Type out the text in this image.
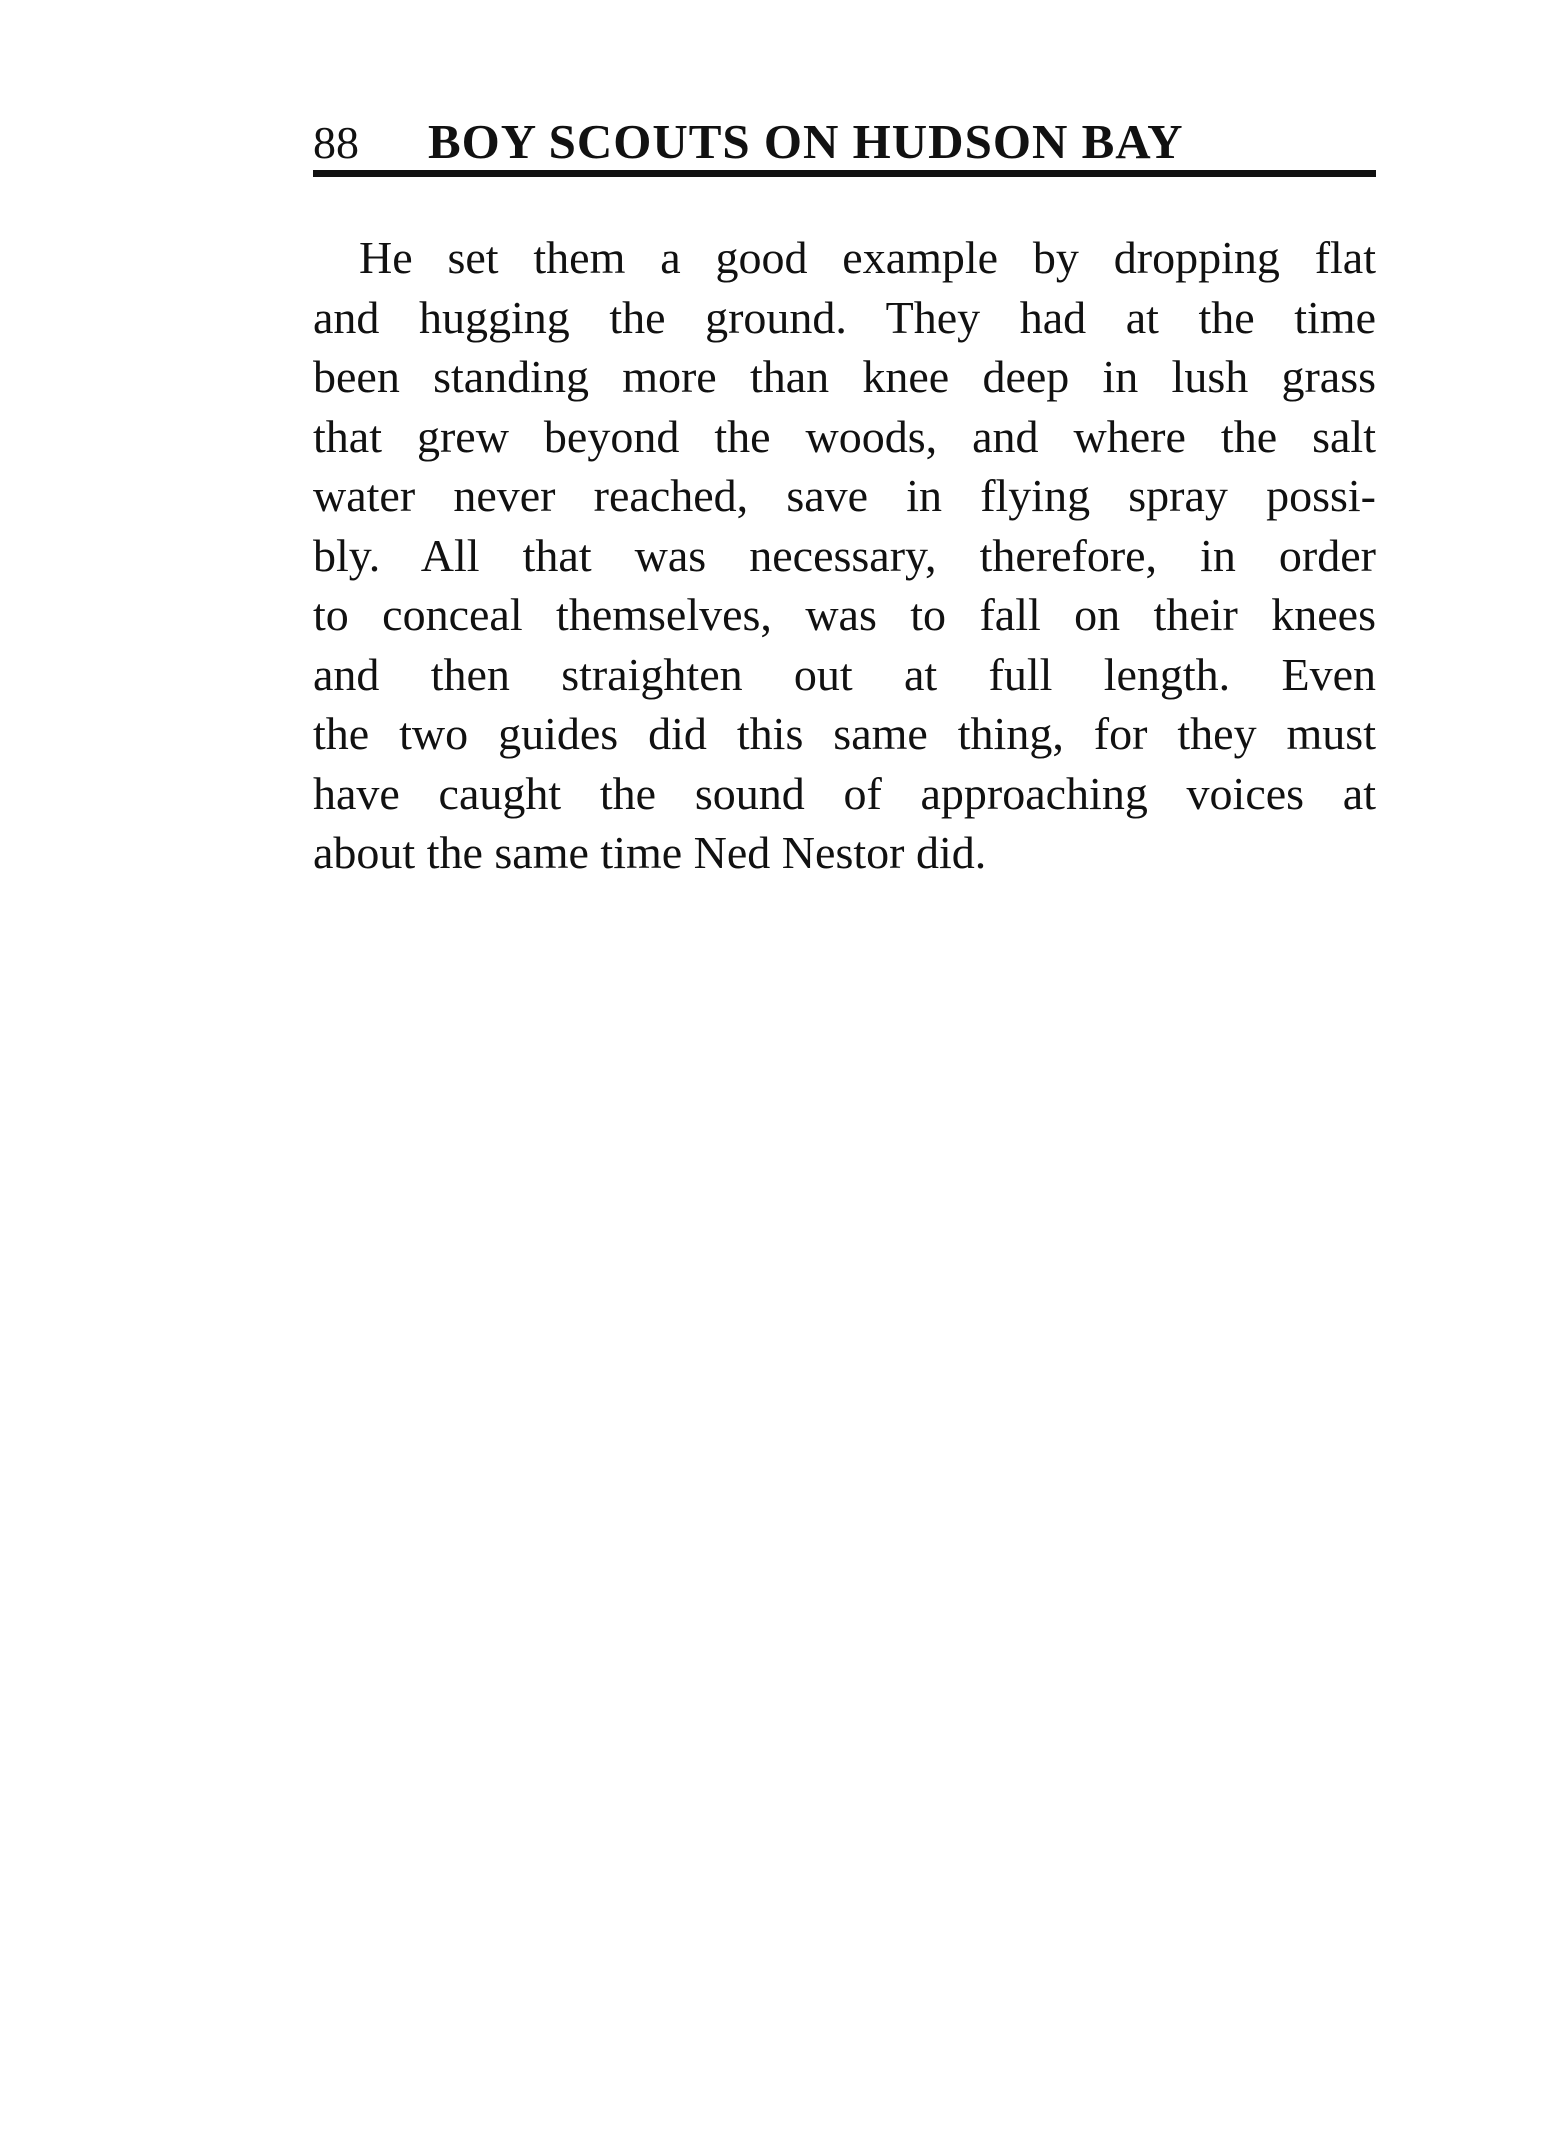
88 BOY SCOUTS ON HUDSON BAY
He set them a good example by dropping flat
and hugging the ground. They had at the time
been standing more than knee deep in lush grass
that grew beyond the woods, and where the salt
water never reached, save in flying spray possi-
bly. All that was necessary, therefore, in order
to conceal themselves, was to fall on their knees
and then straighten out at full length. Even
the two guides did this same thing, for they must
have caught the sound of approaching voices at
about the same time Ned Nestor did.
